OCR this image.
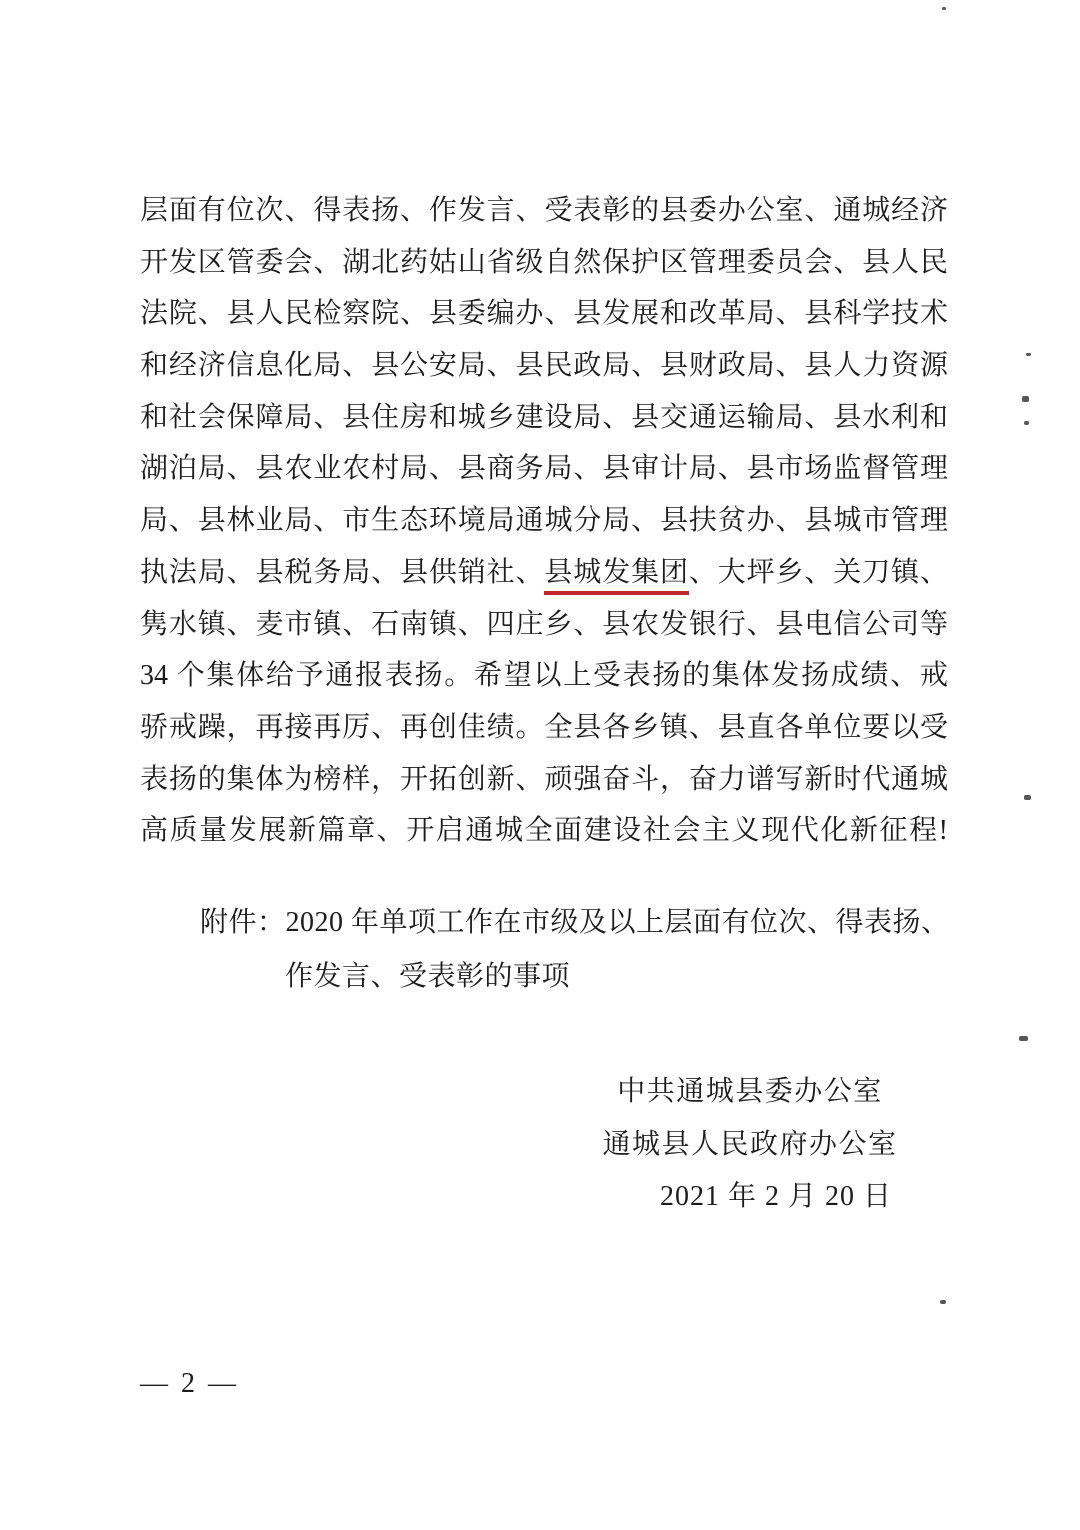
层面有位次、得表扬、作发言、受表彰的县委办公室、通城经济
开发区管委会、湖北药姑山省级自然保护区管理委员会、县人民
法院、县人民检察院、县委编办、县发展和改革局、县科学技术
和经济信息化局、县公安局、县民政局、县财政局、县人力资源
和社会保障局、县住房和城乡建设局、县交通运输局、县水利和
湖泊局、县农业农村局、县商务局、县审计局、县市场监督管理
局、县林业局、市生态环境局通城分局、县扶贫办、县城市管理
执法局、县税务局、县供销社、县城发集团、大坪乡、关刀镇、
隽水镇、麦市镇、石南镇、四庄乡、县农发银行、县电信公司等
34 个集体给予通报表扬。希望以上受表扬的集体发扬成绩、戒
骄戒躁，再接再厉、再创佳绩。全县各乡镇、县直各单位要以受
表扬的集体为榜样，开拓创新、顽强奋斗，奋力谱写新时代通城
高质量发展新篇章、开启通城全面建设社会主义现代化新征程!
附件：2020 年单项工作在市级及以上层面有位次、得表扬、
作发言、受表彰的事项
中共通城县委办公室
通城县人民政府办公室
2021 年 2 月 20 日
— 2 —
